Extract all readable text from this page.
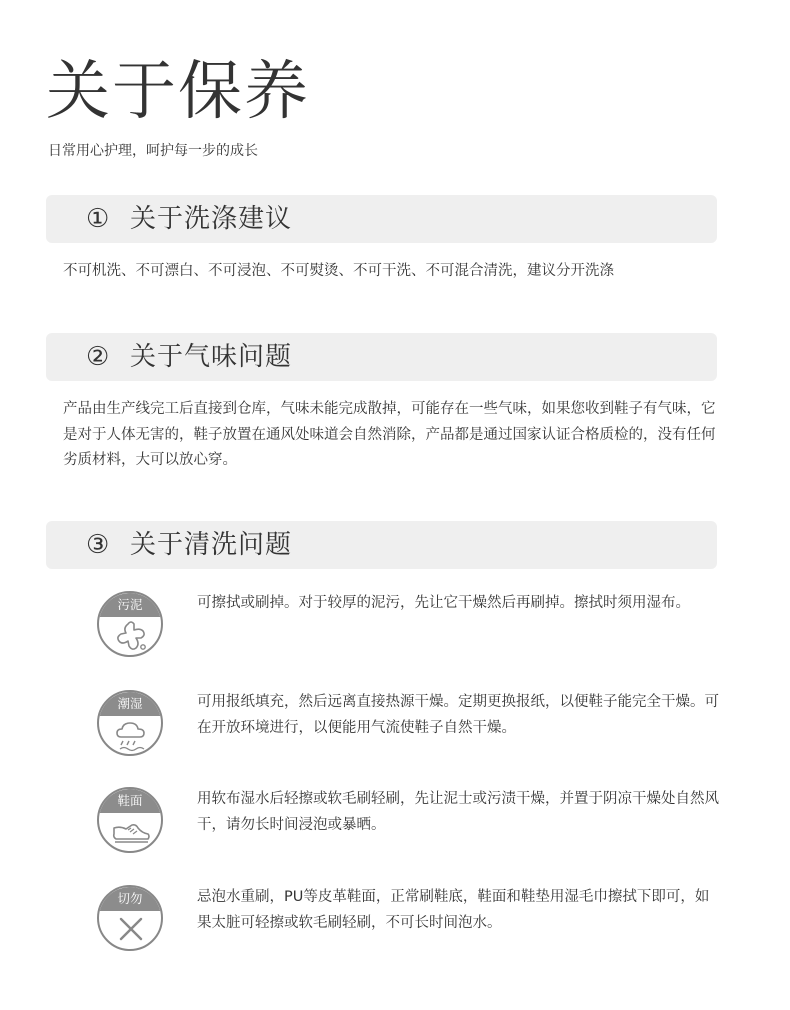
关于保养
日常用心护理，呵护每一步的成长
① 关于洗涤建议
不可机洗、不可漂白、不可浸泡、不可熨烫、不可干洗、不可混合清洗，建议分开洗涤
② 关于气味问题
产品由生产线完工后直接到仓库，气味未能完成散掉，可能存在一些气味，如果您收到鞋子有气味，它是对于人体无害的，鞋子放置在通风处味道会自然消除，产品都是通过国家认证合格质检的，没有任何劣质材料，大可以放心穿。
③ 关于清洗问题
污泥	可擦拭或刷掉。对于较厚的泥污，先让它干燥然后再刷掉。擦拭时须用湿布。
潮湿	可用报纸填充，然后远离直接热源干燥。定期更换报纸，以便鞋子能完全干燥。可在开放环境进行，以便能用气流使鞋子自然干燥。
鞋面	用软布湿水后轻擦或软毛刷轻刷，先让泥士或污渍干燥，并置于阴凉干燥处自然风干，请勿长时间浸泡或暴晒。
切勿	忌泡水重刷，PU等皮革鞋面，正常刷鞋底，鞋面和鞋垫用湿毛巾擦拭下即可，如果太脏可轻擦或软毛刷轻刷，不可长时间泡水。
